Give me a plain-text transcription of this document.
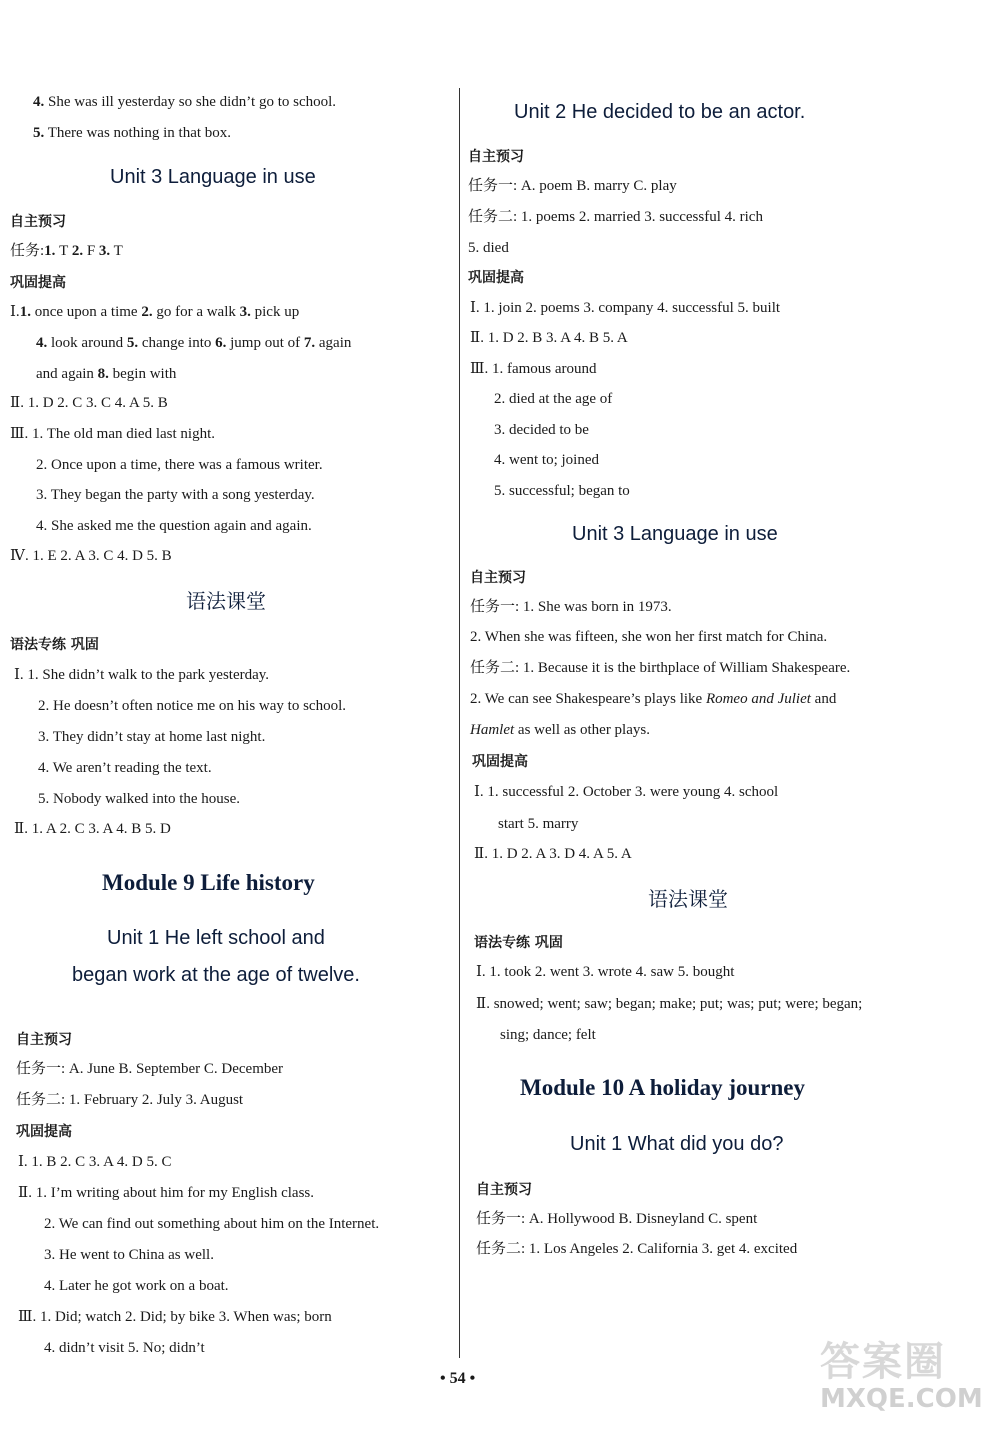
4. She was ill yesterday so she didn’t go to school.
5. There was nothing in that box.
Unit 3 Language in use
自主预习
任务:1. T 2. F 3. T
巩固提高
Ⅰ.1. once upon a time 2. go for a walk 3. pick up
4. look around 5. change into 6. jump out of 7. again
and again 8. begin with
Ⅱ. 1. D 2. C 3. C 4. A 5. B
Ⅲ. 1. The old man died last night.
2. Once upon a time, there was a famous writer.
3. They began the party with a song yesterday.
4. She asked me the question again and again.
Ⅳ. 1. E 2. A 3. C 4. D 5. B
语法课堂
语法专练 巩固
Ⅰ. 1. She didn’t walk to the park yesterday.
2. He doesn’t often notice me on his way to school.
3. They didn’t stay at home last night.
4. We aren’t reading the text.
5. Nobody walked into the house.
Ⅱ. 1. A 2. C 3. A 4. B 5. D
Module 9 Life history
Unit 1 He left school and
began work at the age of twelve.
自主预习
任务一: A. June B. September C. December
任务二: 1. February 2. July 3. August
巩固提高
Ⅰ. 1. B 2. C 3. A 4. D 5. C
Ⅱ. 1. I’m writing about him for my English class.
2. We can find out something about him on the Internet.
3. He went to China as well.
4. Later he got work on a boat.
Ⅲ. 1. Did; watch 2. Did; by bike 3. When was; born
4. didn’t visit 5. No; didn’t
Unit 2 He decided to be an actor.
自主预习
任务一: A. poem B. marry C. play
任务二: 1. poems 2. married 3. successful 4. rich
5. died
巩固提高
Ⅰ. 1. join 2. poems 3. company 4. successful 5. built
Ⅱ. 1. D 2. B 3. A 4. B 5. A
Ⅲ. 1. famous around
2. died at the age of
3. decided to be
4. went to; joined
5. successful; began to
Unit 3 Language in use
自主预习
任务一: 1. She was born in 1973.
2. When she was fifteen, she won her first match for China.
任务二: 1. Because it is the birthplace of William Shakespeare.
2. We can see Shakespeare’s plays like Romeo and Juliet and
Hamlet as well as other plays.
巩固提高
Ⅰ. 1. successful 2. October 3. were young 4. school
start 5. marry
Ⅱ. 1. D 2. A 3. D 4. A 5. A
语法课堂
语法专练 巩固
Ⅰ. 1. took 2. went 3. wrote 4. saw 5. bought
Ⅱ. snowed; went; saw; began; make; put; was; put; were; began;
sing; dance; felt
Module 10 A holiday journey
Unit 1 What did you do?
自主预习
任务一: A. Hollywood B. Disneyland C. spent
任务二: 1. Los Angeles 2. California 3. get 4. excited
• 54 •	答案圈
MXQE.COM
